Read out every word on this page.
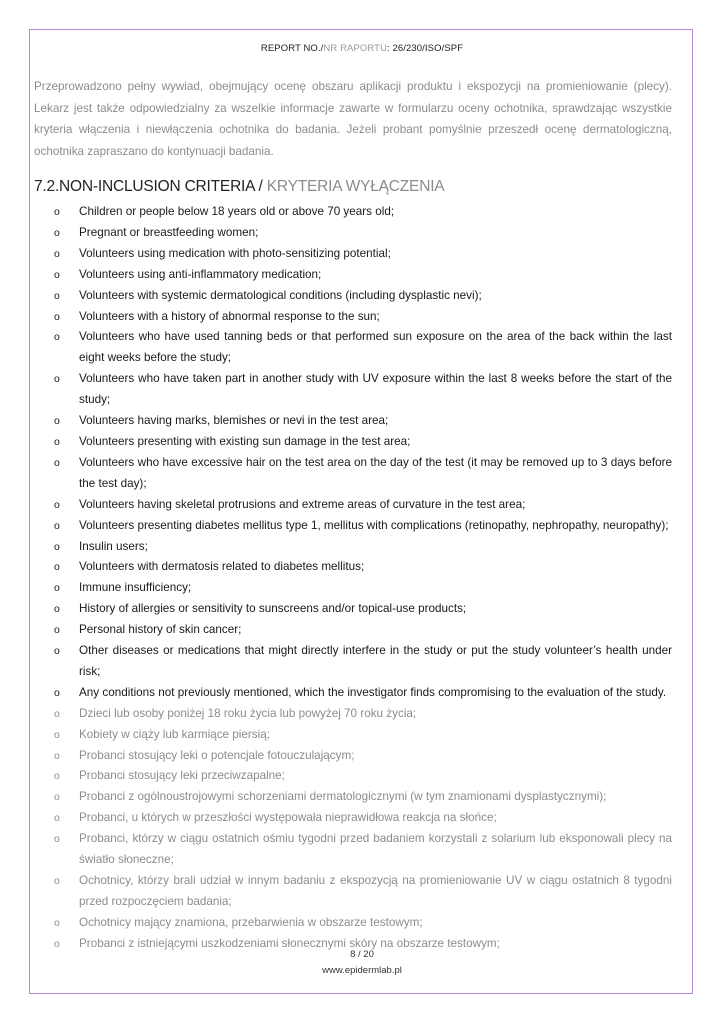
REPORT NO./NR RAPORTU: 26/230/ISO/SPF

Przeprowadzono pełny wywiad, obejmujący ocenę obszaru aplikacji produktu i ekspozycji na promieniowanie (plecy). Lekarz jest także odpowiedzialny za wszelkie informacje zawarte w formularzu oceny ochotnika, sprawdzając wszystkie kryteria włączenia i niewłączenia ochotnika do badania. Jeżeli probant pomyślnie przeszedł ocenę dermatologiczną, ochotnika zapraszano do kontynuacji badania.

7.2.NON-INCLUSION CRITERIA / KRYTERIA WYŁĄCZENIA
o Children or people below 18 years old or above 70 years old;
o Pregnant or breastfeeding women;
o Volunteers using medication with photo-sensitizing potential;
o Volunteers using anti-inflammatory medication;
o Volunteers with systemic dermatological conditions (including dysplastic nevi);
o Volunteers with a history of abnormal response to the sun;
o Volunteers who have used tanning beds or that performed sun exposure on the area of the back within the last eight weeks before the study;
o Volunteers who have taken part in another study with UV exposure within the last 8 weeks before the start of the study;
o Volunteers having marks, blemishes or nevi in the test area;
o Volunteers presenting with existing sun damage in the test area;
o Volunteers who have excessive hair on the test area on the day of the test (it may be removed up to 3 days before the test day);
o Volunteers having skeletal protrusions and extreme areas of curvature in the test area;
o Volunteers presenting diabetes mellitus type 1, mellitus with complications (retinopathy, nephropathy, neuropathy);
o Insulin users;
o Volunteers with dermatosis related to diabetes mellitus;
o Immune insufficiency;
o History of allergies or sensitivity to sunscreens and/or topical-use products;
o Personal history of skin cancer;
o Other diseases or medications that might directly interfere in the study or put the study volunteer’s health under risk;
o Any conditions not previously mentioned, which the investigator finds compromising to the evaluation of the study.
o Dzieci lub osoby poniżej 18 roku życia lub powyżej 70 roku życia;
o Kobiety w ciąży lub karmiące piersią;
o Probanci stosujący leki o potencjale fotouczulającym;
o Probanci stosujący leki przeciwzapalne;
o Probanci z ogólnoustrojowymi schorzeniami dermatologicznymi (w tym znamionami dysplastycznymi);
o Probanci, u których w przeszłości występowała nieprawidłowa reakcja na słońce;
o Probanci, którzy w ciągu ostatnich ośmiu tygodni przed badaniem korzystali z solarium lub eksponowali plecy na światło słoneczne;
o Ochotnicy, którzy brali udział w innym badaniu z ekspozycją na promieniowanie UV w ciągu ostatnich 8 tygodni przed rozpoczęciem badania;
o Ochotnicy mający znamiona, przebarwienia w obszarze testowym;
o Probanci z istniejącymi uszkodzeniami słonecznymi skóry na obszarze testowym;
8 / 20
www.epidermlab.pl
